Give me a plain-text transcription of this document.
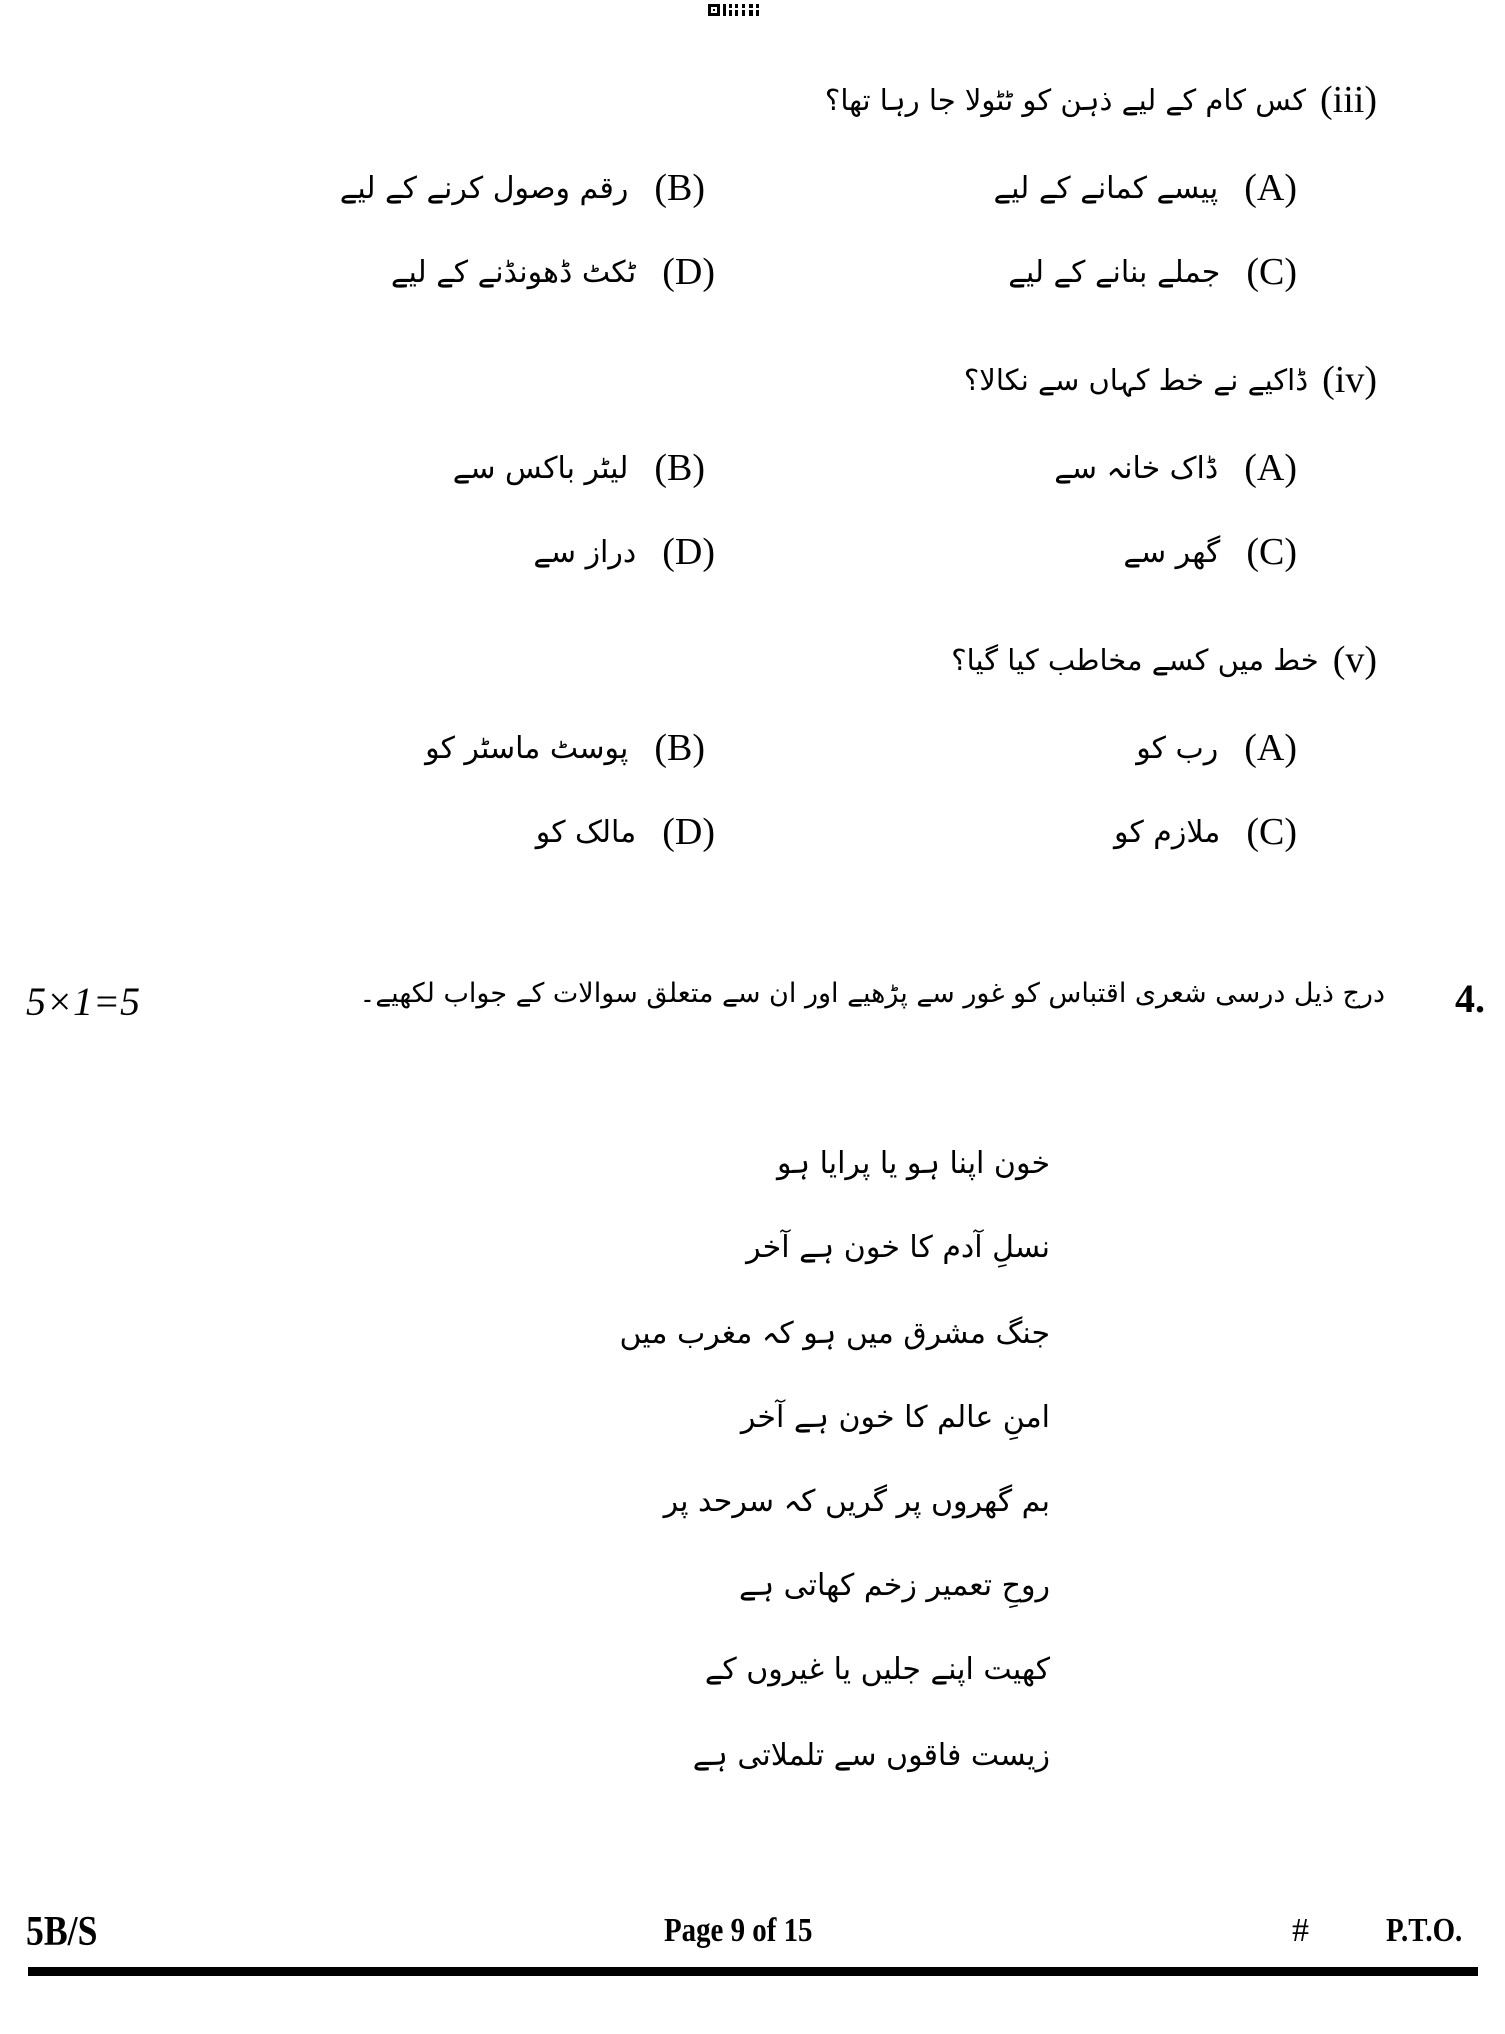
(iii)
کس کام کے لیے ذہن کو ٹٹولا جا رہا تھا؟
(A)
پیسے کمانے کے لیے
(B)
رقم وصول کرنے کے لیے
(C)
جملے بنانے کے لیے
(D)
ٹکٹ ڈھونڈنے کے لیے
(iv)
ڈاکیے نے خط کہاں سے نکالا؟
(A)
ڈاک خانہ سے
(B)
لیٹر باکس سے
(C)
گھر سے
(D)
دراز سے
(v)
خط میں کسے مخاطب کیا گیا؟
(A)
رب کو
(B)
پوسٹ ماسٹر کو
(C)
ملازم کو
(D)
مالک کو
4.
درج ذیل درسی شعری اقتباس کو غور سے پڑھیے اور ان سے متعلق سوالات کے جواب لکھیے۔
5×1=5
خون اپنا ہو یا پرایا ہو
نسلِ آدم کا خون ہے آخر
جنگ مشرق میں ہو کہ مغرب میں
امنِ عالم کا خون ہے آخر
بم گھروں پر گریں کہ سرحد پر
روحِ تعمیر زخم کھاتی ہے
کھیت اپنے جلیں یا غیروں کے
زیست فاقوں سے تلملاتی ہے
5B/S	Page 9 of 15	# P.T.O.
